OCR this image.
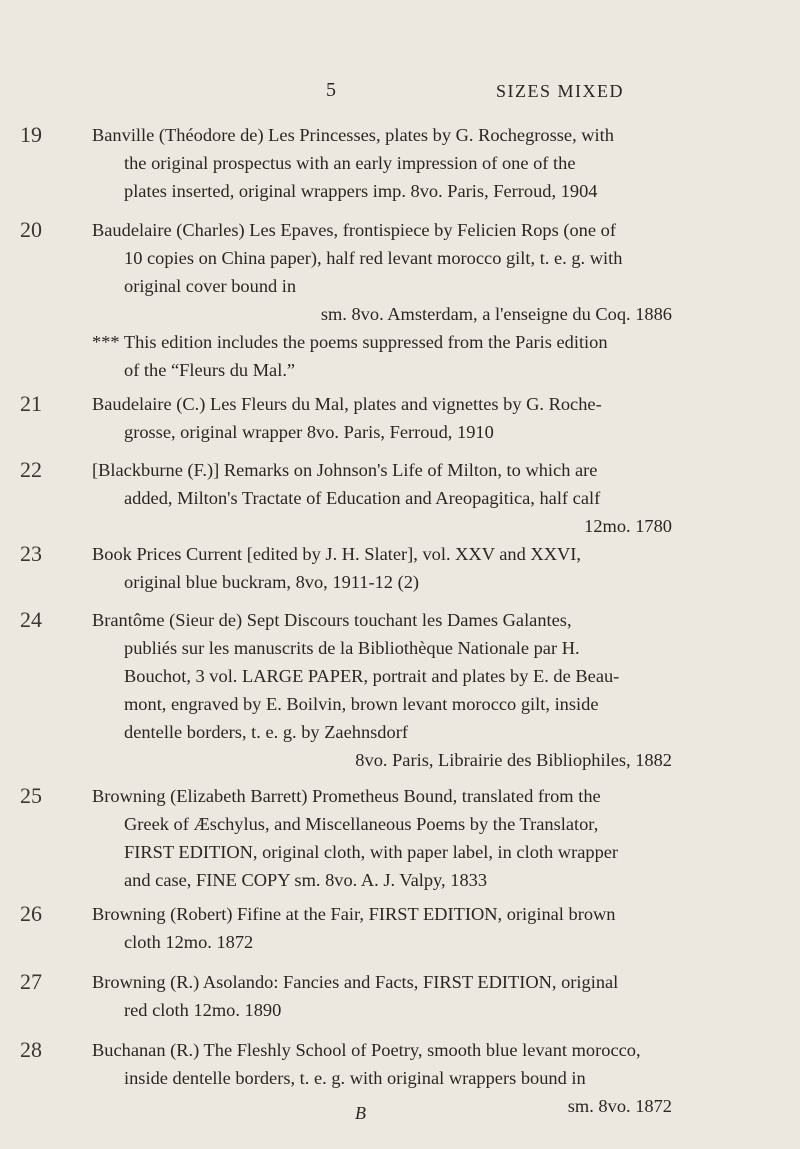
5	SIZES MIXED
19	Banville (Théodore de) Les Princesses, plates by G. Rochegrosse, with
the original prospectus with an early impression of one of the
plates inserted, original wrappers imp. 8vo. Paris, Ferroud, 1904
20	Baudelaire (Charles) Les Epaves, frontispiece by Felicien Rops (one of
10 copies on China paper), half red levant morocco gilt, t. e. g. with
original cover bound in
sm. 8vo. Amsterdam, a l'enseigne du Coq. 1886
*** This edition includes the poems suppressed from the Paris edition
of the “Fleurs du Mal.”
21	Baudelaire (C.) Les Fleurs du Mal, plates and vignettes by G. Roche-
grosse, original wrapper 8vo. Paris, Ferroud, 1910
22	[Blackburne (F.)] Remarks on Johnson's Life of Milton, to which are
added, Milton's Tractate of Education and Areopagitica, half calf
12mo. 1780
23	Book Prices Current [edited by J. H. Slater], vol. XXV and XXVI,
original blue buckram, 8vo, 1911-12 (2)
24	Brantôme (Sieur de) Sept Discours touchant les Dames Galantes,
publiés sur les manuscrits de la Bibliothèque Nationale par H.
Bouchot, 3 vol. LARGE PAPER, portrait and plates by E. de Beau-
mont, engraved by E. Boilvin, brown levant morocco gilt, inside
dentelle borders, t. e. g. by Zaehnsdorf
8vo. Paris, Librairie des Bibliophiles, 1882
25	Browning (Elizabeth Barrett) Prometheus Bound, translated from the
Greek of Æschylus, and Miscellaneous Poems by the Translator,
FIRST EDITION, original cloth, with paper label, in cloth wrapper
and case, FINE COPY sm. 8vo. A. J. Valpy, 1833
26	Browning (Robert) Fifine at the Fair, FIRST EDITION, original brown
cloth 12mo. 1872
27	Browning (R.) Asolando: Fancies and Facts, FIRST EDITION, original
red cloth 12mo. 1890
28	Buchanan (R.) The Fleshly School of Poetry, smooth blue levant morocco,
inside dentelle borders, t. e. g. with original wrappers bound in
sm. 8vo. 1872
B
